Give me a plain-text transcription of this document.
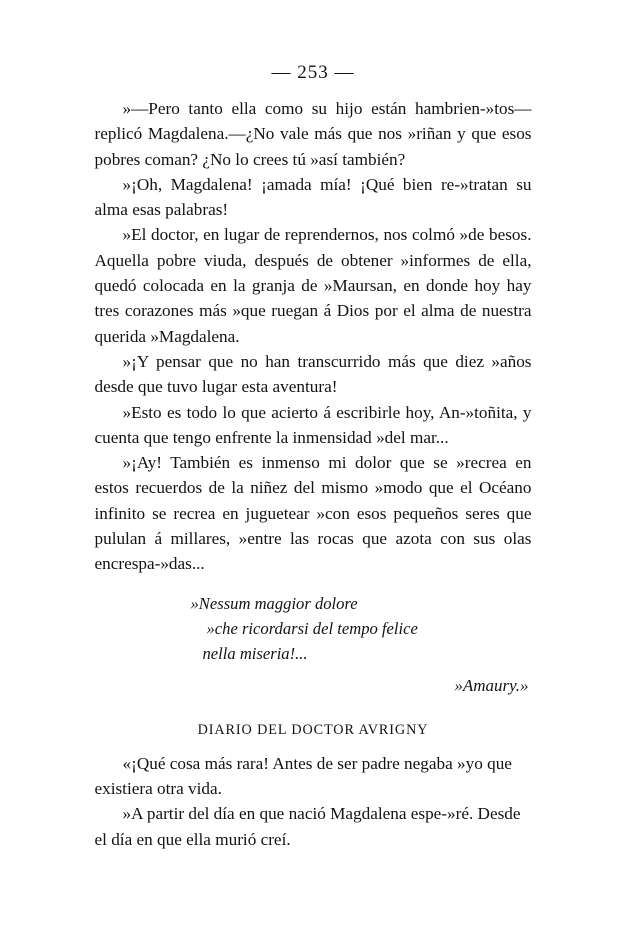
— 253 —

»—Pero tanto ella como su hijo están hambrien-»tos—replicó Magdalena.—¿No vale más que nos »riñan y que esos pobres coman? ¿No lo crees tú »así también?

»¡Oh, Magdalena! ¡amada mía! ¡Qué bien re-»tratan su alma esas palabras!

»El doctor, en lugar de reprendernos, nos colmó »de besos. Aquella pobre viuda, después de obtener »informes de ella, quedó colocada en la granja de »Maursan, en donde hoy hay tres corazones más »que ruegan á Dios por el alma de nuestra querida »Magdalena.

»¡Y pensar que no han transcurrido más que diez »años desde que tuvo lugar esta aventura!

»Esto es todo lo que acierto á escribirle hoy, An-»toñita, y cuenta que tengo enfrente la inmensidad »del mar...

»¡Ay! También es inmenso mi dolor que se »recrea en estos recuerdos de la niñez del mismo »modo que el Océano infinito se recrea en juguetear »con esos pequeños seres que pululan á millares, »entre las rocas que azota con sus olas encrespa-»das...

»Nessum maggior dolore
»che ricordarsi del tempo felice
nella miseria!...
»Amaury.»
DIARIO DEL DOCTOR AVRIGNY

«¡Qué cosa más rara! Antes de ser padre negaba »yo que existiera otra vida.

»A partir del día en que nació Magdalena espe-»ré. Desde el día en que ella murió creí.
